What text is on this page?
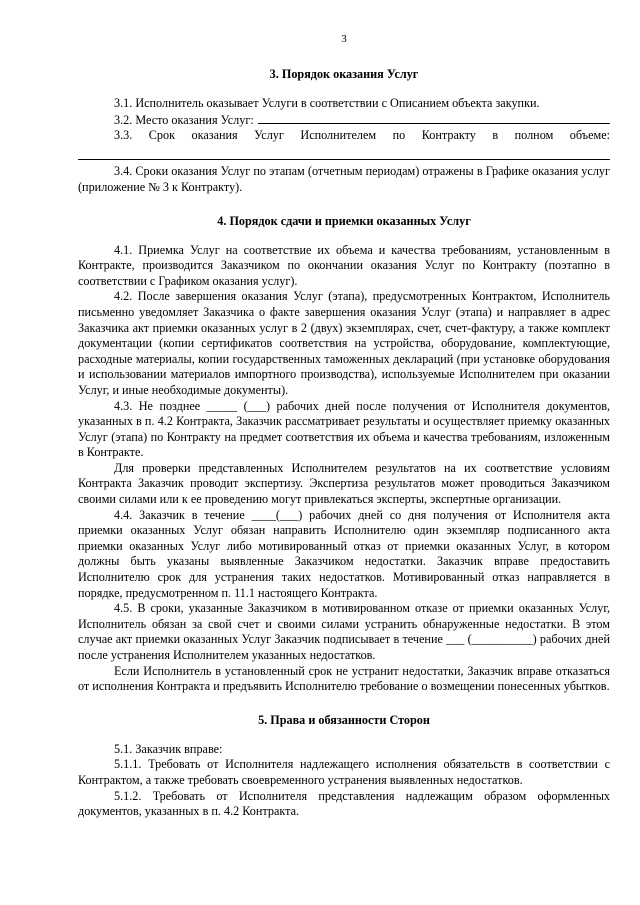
3
3. Порядок оказания Услуг

3.1. Исполнитель оказывает Услуги в соответствии с Описанием объекта закупки.

3.2. Место оказания Услуг:

3.3. Срок оказания Услуг Исполнителем по Контракту в полном объеме:

3.4. Сроки оказания Услуг по этапам (отчетным периодам) отражены в Графике оказания услуг (приложение № 3 к Контракту).

4. Порядок сдачи и приемки оказанных Услуг

4.1. Приемка Услуг на соответствие их объема и качества требованиям, установленным в Контракте, производится Заказчиком по окончании оказания Услуг по Контракту (поэтапно в соответствии с Графиком оказания услуг).

4.2. После завершения оказания Услуг (этапа), предусмотренных Контрактом, Исполнитель письменно уведомляет Заказчика о факте завершения оказания Услуг (этапа) и направляет в адрес Заказчика акт приемки оказанных услуг в 2 (двух) экземплярах, счет, счет-фактуру, а также комплект документации (копии сертификатов соответствия на устройства, оборудование, комплектующие, расходные материалы, копии государственных таможенных деклараций (при установке оборудования и использовании материалов импортного производства), используемые Исполнителем при оказании Услуг, и иные необходимые документы).

4.3. Не позднее _____ (___) рабочих дней после получения от Исполнителя документов, указанных в п. 4.2 Контракта, Заказчик рассматривает результаты и осуществляет приемку оказанных Услуг (этапа) по Контракту на предмет соответствия их объема и качества требованиям, изложенным в Контракте.

Для проверки представленных Исполнителем результатов на их соответствие условиям Контракта Заказчик проводит экспертизу. Экспертиза результатов может проводиться Заказчиком своими силами или к ее проведению могут привлекаться эксперты, экспертные организации.

4.4. Заказчик в течение ____(___) рабочих дней со дня получения от Исполнителя акта приемки оказанных Услуг обязан направить Исполнителю один экземпляр подписанного акта приемки оказанных Услуг либо мотивированный отказ от приемки оказанных Услуг, в котором должны быть указаны выявленные Заказчиком недостатки. Заказчик вправе предоставить Исполнителю срок для устранения таких недостатков. Мотивированный отказ направляется в порядке, предусмотренном п. 11.1 настоящего Контракта.

4.5. В сроки, указанные Заказчиком в мотивированном отказе от приемки оказанных Услуг, Исполнитель обязан за свой счет и своими силами устранить обнаруженные недостатки. В этом случае акт приемки оказанных Услуг Заказчик подписывает в течение ___ (__________) рабочих дней после устранения Исполнителем указанных недостатков.

Если Исполнитель в установленный срок не устранит недостатки, Заказчик вправе отказаться от исполнения Контракта и предъявить Исполнителю требование о возмещении понесенных убытков.

5. Права и обязанности Сторон

5.1. Заказчик вправе:

5.1.1. Требовать от Исполнителя надлежащего исполнения обязательств в соответствии с Контрактом, а также требовать своевременного устранения выявленных недостатков.

5.1.2. Требовать от Исполнителя представления надлежащим образом оформленных документов, указанных в п. 4.2 Контракта.
